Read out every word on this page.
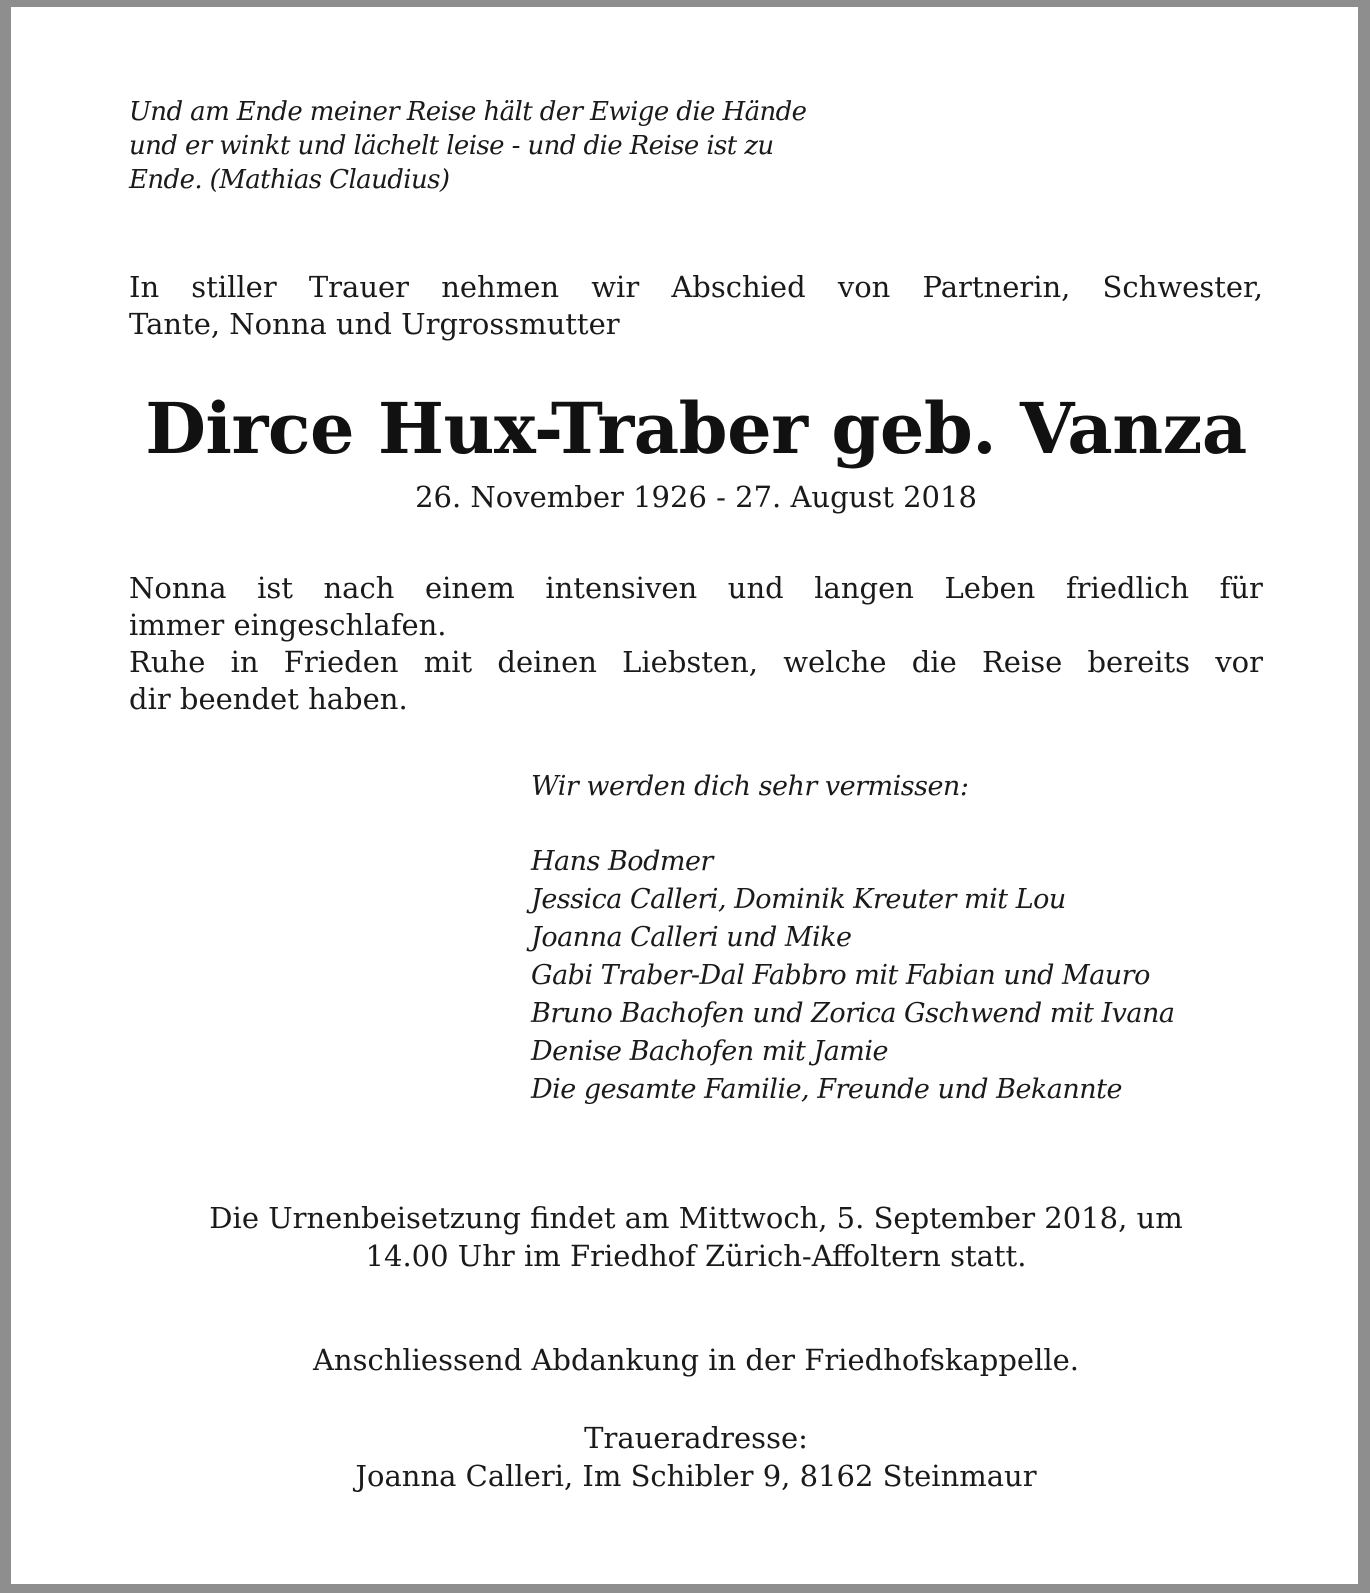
Und am Ende meiner Reise hält der Ewige die Hände
und er winkt und lächelt leise - und die Reise ist zu
Ende. (Mathias Claudius)
In stiller Trauer nehmen wir Abschied von Partnerin, Schwester,
Tante, Nonna und Urgrossmutter
Dirce Hux-Traber geb. Vanza
26. November 1926 - 27. August 2018
Nonna ist nach einem intensiven und langen Leben friedlich für
immer eingeschlafen.
Ruhe in Frieden mit deinen Liebsten, welche die Reise bereits vor
dir beendet haben.
Wir werden dich sehr vermissen:
Hans Bodmer
Jessica Calleri, Dominik Kreuter mit Lou
Joanna Calleri und Mike
Gabi Traber-Dal Fabbro mit Fabian und Mauro
Bruno Bachofen und Zorica Gschwend mit Ivana
Denise Bachofen mit Jamie
Die gesamte Familie, Freunde und Bekannte
Die Urnenbeisetzung findet am Mittwoch, 5. September 2018, um
14.00 Uhr im Friedhof Zürich-Affoltern statt.
Anschliessend Abdankung in der Friedhofskappelle.
Traueradresse:
Joanna Calleri, Im Schibler 9, 8162 Steinmaur
